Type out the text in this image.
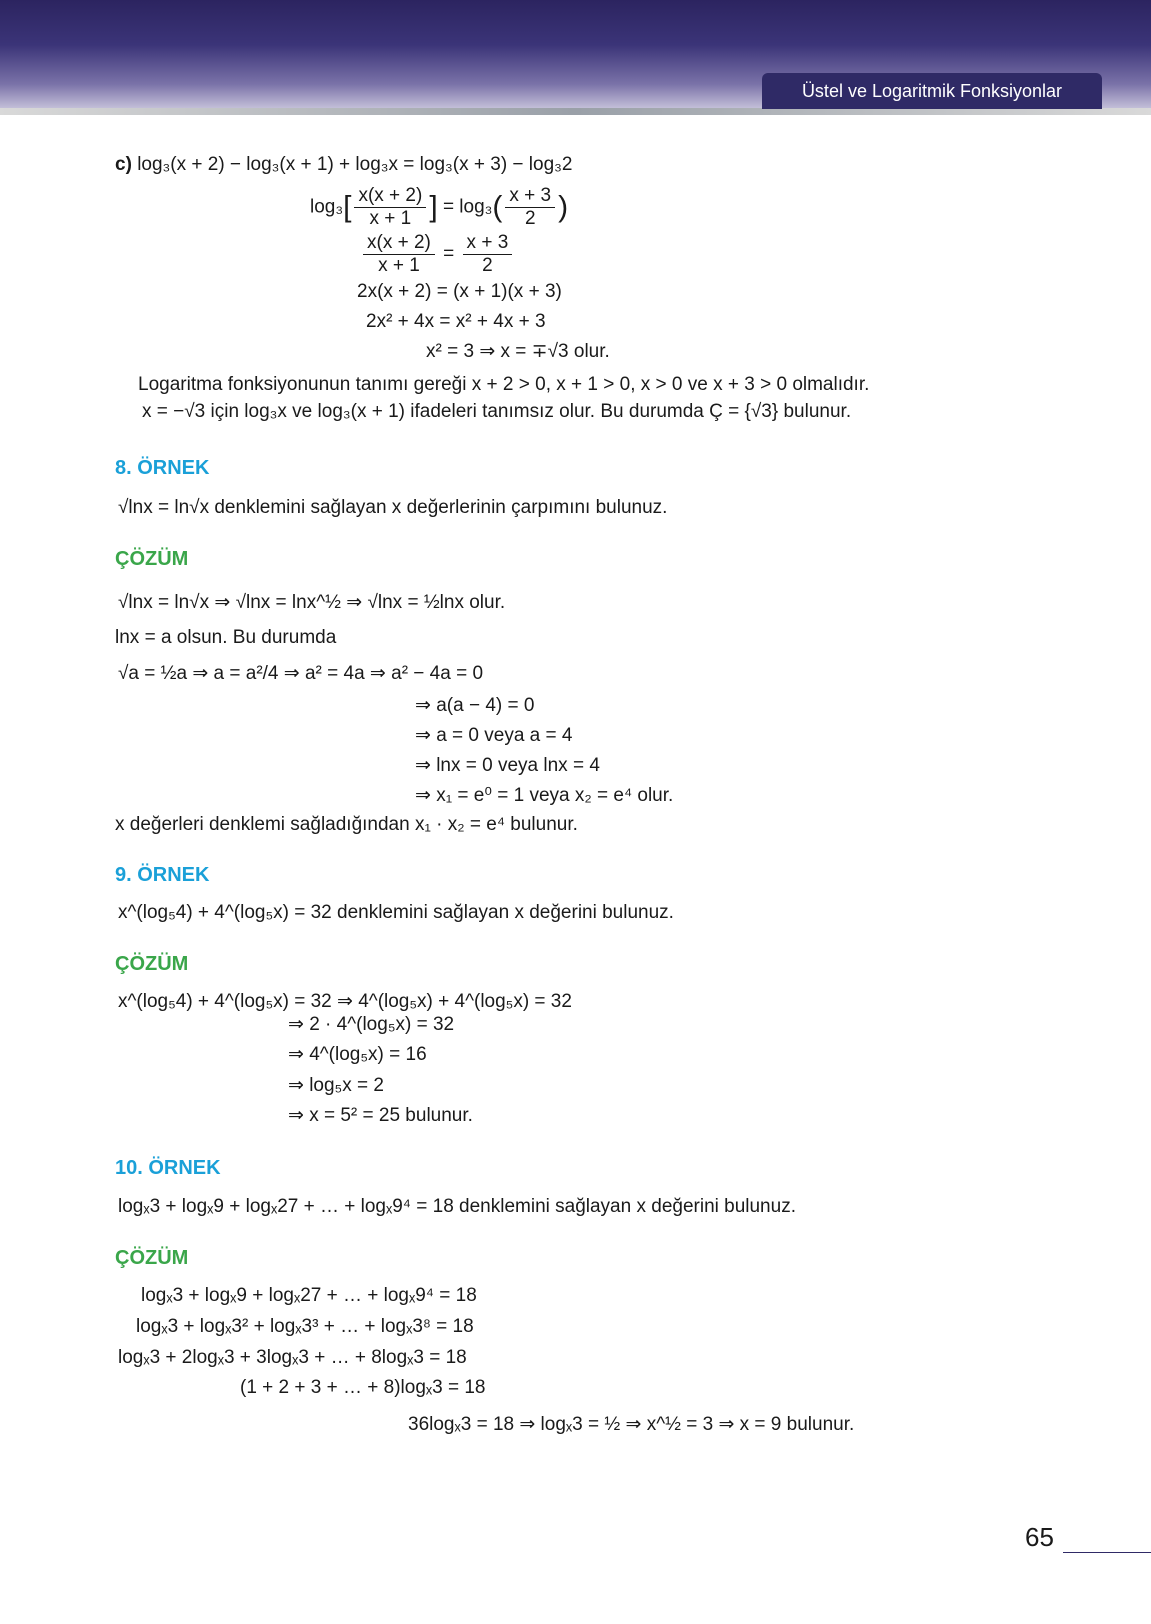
Üstel ve Logaritmik Fonksiyonlar
c) log₃(x + 2) − log₃(x + 1) + log₃x = log₃(x + 3) − log₃2
$\log_3[ \frac{x(x + 2)}{x + 1}$ ] = $\log_3( \frac{x + 3}{2}$ )
$\frac{x(x + 2)}{x + 1} = \frac{x + 3}{2}$
2x(x + 2) = (x + 1)(x + 3)
2x² + 4x = x² + 4x + 3
x² = 3 ⇒ x = ∓√3 olur.
Logaritma fonksiyonunun tanımı gereği x + 2 > 0, x + 1 > 0, x > 0 ve x + 3 > 0 olmalıdır.
x = −√3 için log₃x ve log₃(x + 1) ifadeleri tanımsız olur. Bu durumda Ç = {√3} bulunur.
8. ÖRNEK
√lnx = ln√x denklemini sağlayan x değerlerinin çarpımını bulunuz.
ÇÖZÜM
√lnx = ln√x ⇒ √lnx = lnx^½ ⇒ √lnx = ½lnx olur.
lnx = a olsun. Bu durumda
√a = ½a ⇒ a = a²/4 ⇒ a² = 4a ⇒ a² − 4a = 0
⇒ a(a − 4) = 0
⇒ a = 0 veya a = 4
⇒ lnx = 0 veya lnx = 4
⇒ x₁ = e⁰ = 1 veya x₂ = e⁴ olur.
x değerleri denklemi sağladığından x₁ · x₂ = e⁴ bulunur.
9. ÖRNEK
x^(log₅4) + 4^(log₅x) = 32 denklemini sağlayan x değerini bulunuz.
ÇÖZÜM
x^(log₅4) + 4^(log₅x) = 32 ⇒ 4^(log₅x) + 4^(log₅x) = 32
⇒ 2 · 4^(log₅x) = 32
⇒ 4^(log₅x) = 16
⇒ log₅x = 2
⇒ x = 5² = 25 bulunur.
10. ÖRNEK
logₓ3 + logₓ9 + logₓ27 + … + logₓ9⁴ = 18 denklemini sağlayan x değerini bulunuz.
ÇÖZÜM
logₓ3 + logₓ9 + logₓ27 + … + logₓ9⁴ = 18
logₓ3 + logₓ3² + logₓ3³ + … + logₓ3⁸ = 18
logₓ3 + 2logₓ3 + 3logₓ3 + … + 8logₓ3 = 18
(1 + 2 + 3 + … + 8)logₓ3 = 18
36logₓ3 = 18 ⇒ logₓ3 = ½ ⇒ x^½ = 3 ⇒ x = 9 bulunur.
65
